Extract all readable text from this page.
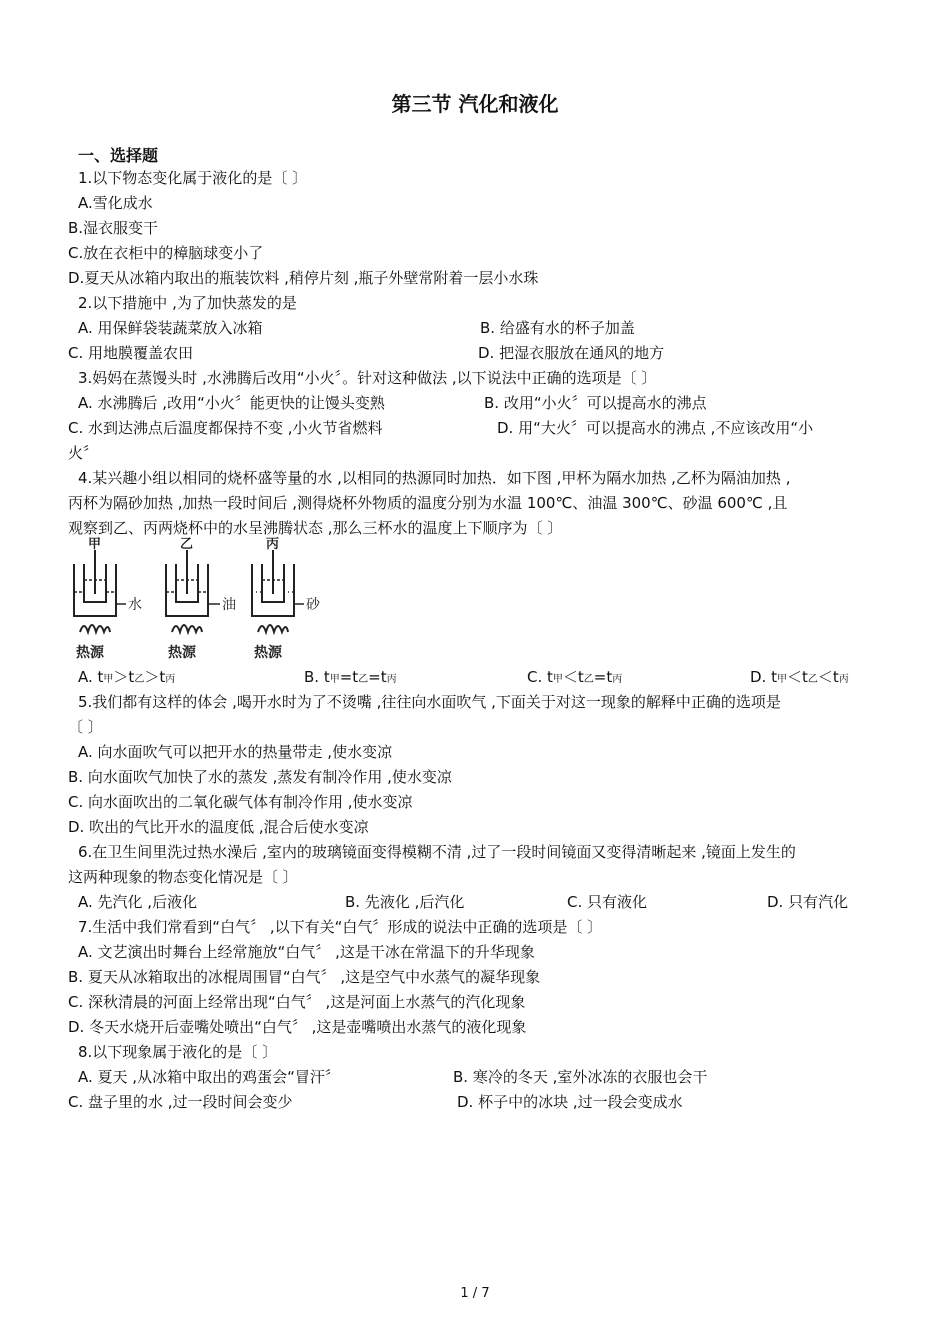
第三节 汽化和液化
一、选择题
1.以下物态变化属于液化的是〔 〕
A.雪化成水
B.湿衣服变干
C.放在衣柜中的樟脑球变小了
D.夏天从冰箱内取出的瓶装饮料 ,稍停片刻 ,瓶子外壁常附着一层小水珠
2.以下措施中 ,为了加快蒸发的是
A. 用保鲜袋装蔬菜放入冰箱	B. 给盛有水的杯子加盖
C. 用地膜覆盖农田	D. 把湿衣服放在通风的地方
3.妈妈在蒸馒头时 ,水沸腾后改用“小火〞。针对这种做法 ,以下说法中正确的选项是〔 〕
A. 水沸腾后 ,改用“小火〞能更快的让馒头变熟	B. 改用“小火〞可以提高水的沸点
C. 水到达沸点后温度都保持不变 ,小火节省燃料	D. 用“大火〞可以提高水的沸点 ,不应该改用“小
火〞
4.某兴趣小组以相同的烧杯盛等量的水 ,以相同的热源同时加热．如下图 ,甲杯为隔水加热 ,乙杯为隔油加热 ,
丙杯为隔砂加热 ,加热一段时间后 ,测得烧杯外物质的温度分别为水温 100℃、油温 300℃、砂温 600℃ ,且
观察到乙、丙两烧杯中的水呈沸腾状态 ,那么三杯水的温度上下顺序为〔 〕
甲	乙	丙
水	油	砂
热源	热源	热源
A. t甲＞t乙＞t丙	B. t甲=t乙=t丙	C. t甲＜t乙=t丙	D. t甲＜t乙＜t丙
5.我们都有这样的体会 ,喝开水时为了不烫嘴 ,往往向水面吹气 ,下面关于对这一现象的解释中正确的选项是
〔 〕
A. 向水面吹气可以把开水的热量带走 ,使水变凉
B. 向水面吹气加快了水的蒸发 ,蒸发有制冷作用 ,使水变凉
C. 向水面吹出的二氧化碳气体有制冷作用 ,使水变凉
D. 吹出的气比开水的温度低 ,混合后使水变凉
6.在卫生间里洗过热水澡后 ,室内的玻璃镜面变得模糊不清 ,过了一段时间镜面又变得清晰起来 ,镜面上发生的
这两种现象的物态变化情况是〔 〕
A. 先汽化 ,后液化	B. 先液化 ,后汽化	C. 只有液化	D. 只有汽化
7.生活中我们常看到“白气〞 ,以下有关“白气〞形成的说法中正确的选项是〔 〕
A. 文艺演出时舞台上经常施放“白气〞 ,这是干冰在常温下的升华现象
B. 夏天从冰箱取出的冰棍周围冒“白气〞 ,这是空气中水蒸气的凝华现象
C. 深秋清晨的河面上经常出现“白气〞 ,这是河面上水蒸气的汽化现象
D. 冬天水烧开后壶嘴处喷出“白气〞 ,这是壶嘴喷出水蒸气的液化现象
8.以下现象属于液化的是〔 〕
A. 夏天 ,从冰箱中取出的鸡蛋会“冒汗〞	B. 寒冷的冬天 ,室外冰冻的衣服也会干
C. 盘子里的水 ,过一段时间会变少	D. 杯子中的冰块 ,过一段会变成水
1 / 7
